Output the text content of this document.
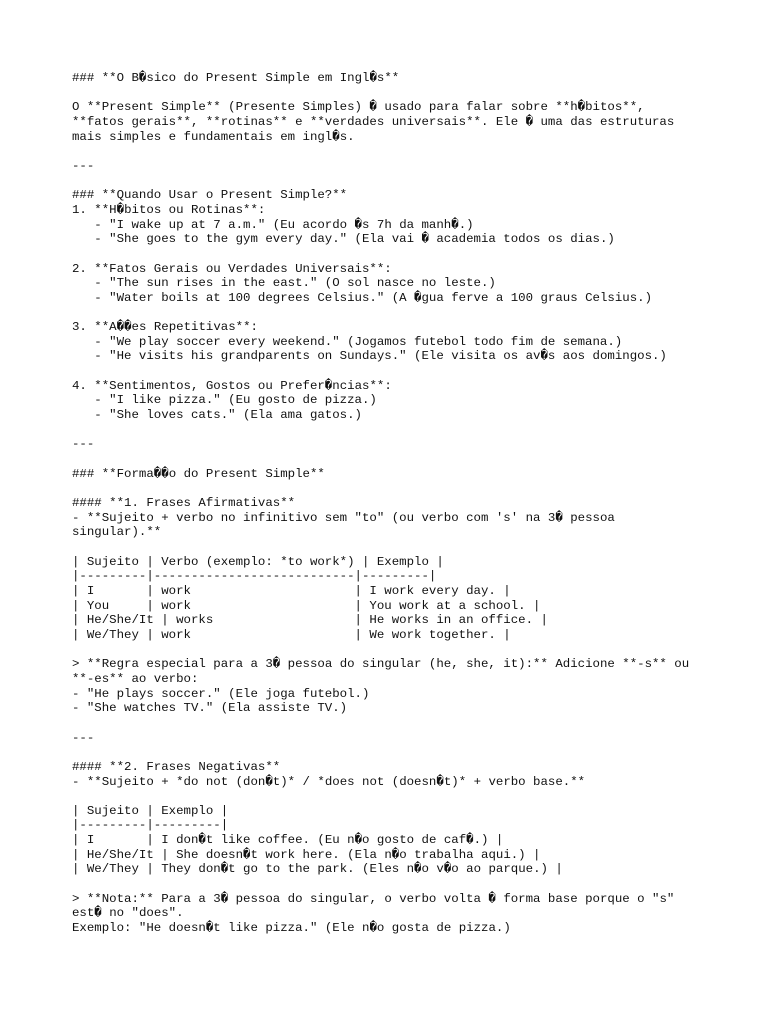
### **O B�sico do Present Simple em Ingl�s**
O **Present Simple** (Presente Simples) � usado para falar sobre **h�bitos**,
**fatos gerais**, **rotinas** e **verdades universais**. Ele � uma das estruturas
mais simples e fundamentais em ingl�s.
---
### **Quando Usar o Present Simple?**
1. **H�bitos ou Rotinas**:
- "I wake up at 7 a.m." (Eu acordo �s 7h da manh�.)
- "She goes to the gym every day." (Ela vai � academia todos os dias.)
2. **Fatos Gerais ou Verdades Universais**:
- "The sun rises in the east." (O sol nasce no leste.)
- "Water boils at 100 degrees Celsius." (A �gua ferve a 100 graus Celsius.)
3. **A��es Repetitivas**:
- "We play soccer every weekend." (Jogamos futebol todo fim de semana.)
- "He visits his grandparents on Sundays." (Ele visita os av�s aos domingos.)
4. **Sentimentos, Gostos ou Prefer�ncias**:
- "I like pizza." (Eu gosto de pizza.)
- "She loves cats." (Ela ama gatos.)
---
### **Forma��o do Present Simple**
#### **1. Frases Afirmativas**
- **Sujeito + verbo no infinitivo sem "to" (ou verbo com 's' na 3� pessoa
singular).**
| Sujeito | Verbo (exemplo: *to work*) | Exemplo |
|---------|---------------------------|---------|
| I       | work                      | I work every day. |
| You     | work                      | You work at a school. |
| He/She/It | works                   | He works in an office. |
| We/They | work                      | We work together. |
> **Regra especial para a 3� pessoa do singular (he, she, it):** Adicione **-s** ou
**-es** ao verbo:
- "He plays soccer." (Ele joga futebol.)
- "She watches TV." (Ela assiste TV.)
---
#### **2. Frases Negativas**
- **Sujeito + *do not (don�t)* / *does not (doesn�t)* + verbo base.**
| Sujeito | Exemplo |
|---------|---------|
| I       | I don�t like coffee. (Eu n�o gosto de caf�.) |
| He/She/It | She doesn�t work here. (Ela n�o trabalha aqui.) |
| We/They | They don�t go to the park. (Eles n�o v�o ao parque.) |
> **Nota:** Para a 3� pessoa do singular, o verbo volta � forma base porque o "s"
est� no "does".
Exemplo: "He doesn�t like pizza." (Ele n�o gosta de pizza.)
